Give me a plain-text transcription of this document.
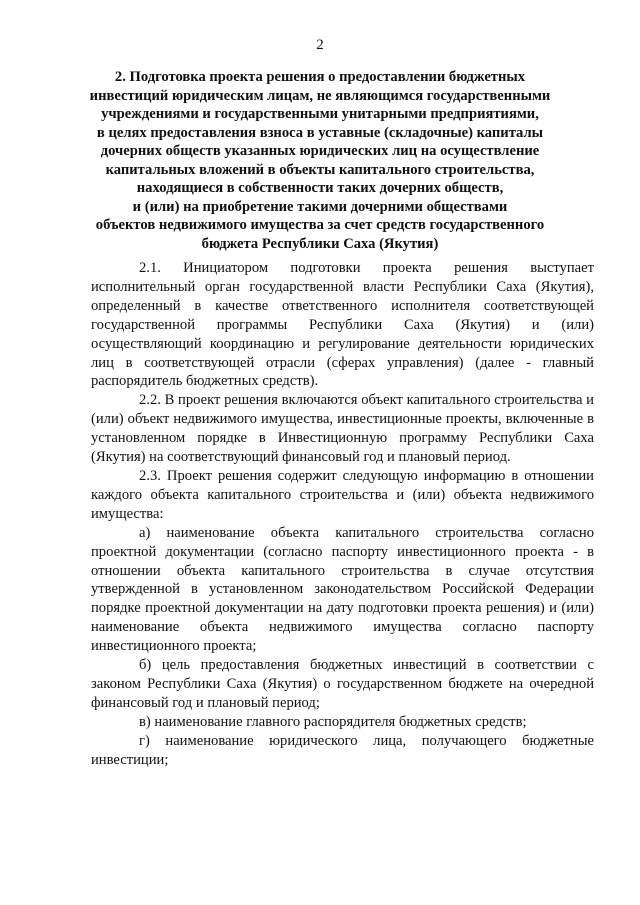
2
2. Подготовка проекта решения о предоставлении бюджетных
инвестиций юридическим лицам, не являющимся государственными
учреждениями и государственными унитарными предприятиями,
в целях предоставления взноса в уставные (складочные) капиталы
дочерних обществ указанных юридических лиц на осуществление
капитальных вложений в объекты капитального строительства,
находящиеся в собственности таких дочерних обществ,
и (или) на приобретение такими дочерними обществами
объектов недвижимого имущества за счет средств государственного
бюджета Республики Саха (Якутия)

2.1. Инициатором подготовки проекта решения выступает исполнительный орган государственной власти Республики Саха (Якутия), определенный в качестве ответственного исполнителя соответствующей государственной программы Республики Саха (Якутия) и (или) осуществляющий координацию и регулирование деятельности юридических лиц в соответствующей отрасли (сферах управления) (далее - главный распорядитель бюджетных средств).

2.2. В проект решения включаются объект капитального строительства и (или) объект недвижимого имущества, инвестиционные проекты, включенные в установленном порядке в Инвестиционную программу Республики Саха (Якутия) на соответствующий финансовый год и плановый период.

2.3. Проект решения содержит следующую информацию в отношении каждого объекта капитального строительства и (или) объекта недвижимого имущества:

а) наименование объекта капитального строительства согласно проектной документации (согласно паспорту инвестиционного проекта - в отношении объекта капитального строительства в случае отсутствия утвержденной в установленном законодательством Российской Федерации порядке проектной документации на дату подготовки проекта решения) и (или) наименование объекта недвижимого имущества согласно паспорту инвестиционного проекта;

б) цель предоставления бюджетных инвестиций в соответствии с законом Республики Саха (Якутия) о государственном бюджете на очередной финансовый год и плановый период;

в) наименование главного распорядителя бюджетных средств;

г) наименование юридического лица, получающего бюджетные инвестиции;
